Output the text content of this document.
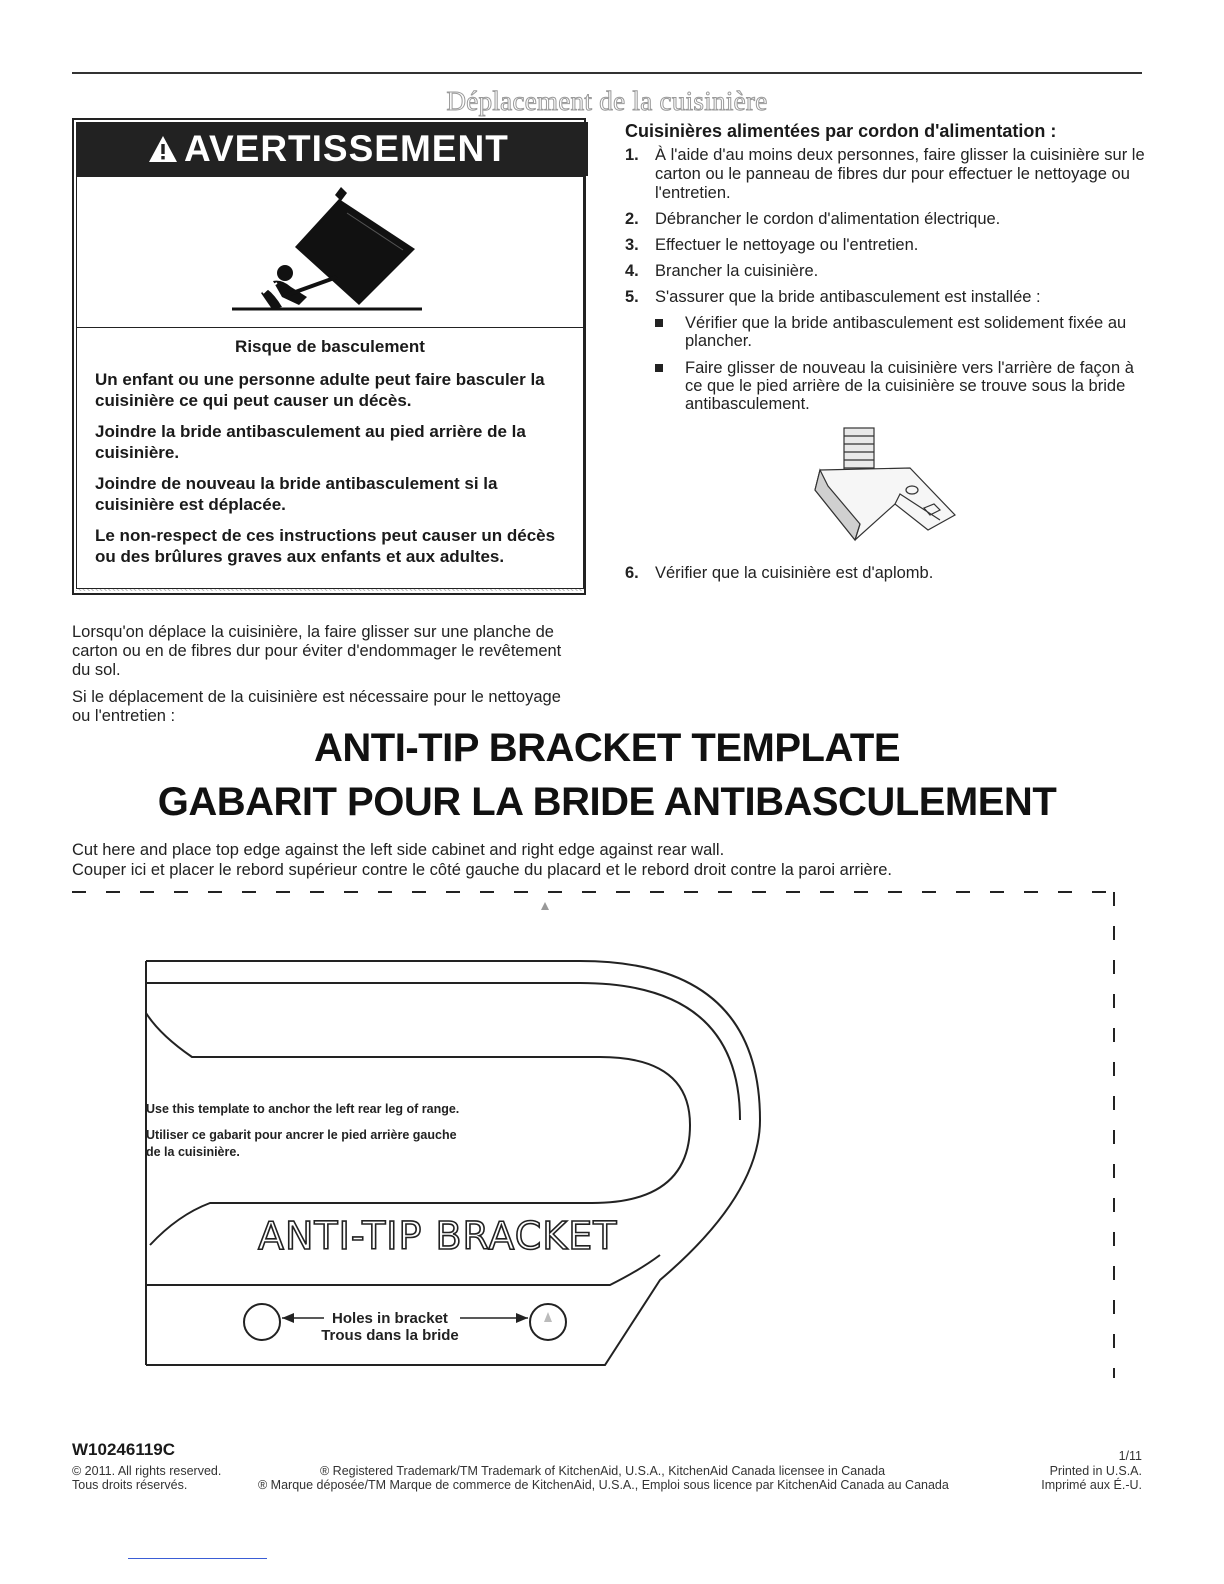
Déplacement de la cuisinière
AVERTISSEMENT
Risque de basculement
Un enfant ou une personne adulte peut faire basculer la cuisinière ce qui peut causer un décès.
Joindre la bride antibasculement au pied arrière de la cuisinière.
Joindre de nouveau la bride antibasculement si la cuisinière est déplacée.
Le non-respect de ces instructions peut causer un décès ou des brûlures graves aux enfants et aux adultes.
Lorsqu'on déplace la cuisinière, la faire glisser sur une planche de carton ou en de fibres dur pour éviter d'endommager le revêtement du sol.
Si le déplacement de la cuisinière est nécessaire pour le nettoyage ou l'entretien :
Cuisinières alimentées par cordon d'alimentation :
1. À l'aide d'au moins deux personnes, faire glisser la cuisinière sur le carton ou le panneau de fibres dur pour effectuer le nettoyage ou l'entretien.
2. Débrancher le cordon d'alimentation électrique.
3. Effectuer le nettoyage ou l'entretien.
4. Brancher la cuisinière.
5. S'assurer que la bride antibasculement est installée :
Vérifier que la bride antibasculement est solidement fixée au plancher.
Faire glisser de nouveau la cuisinière vers l'arrière de façon à ce que le pied arrière de la cuisinière se trouve sous la bride antibasculement.
6. Vérifier que la cuisinière est d'aplomb.
ANTI-TIP BRACKET TEMPLATE
GABARIT POUR LA BRIDE ANTIBASCULEMENT
Cut here and place top edge against the left side cabinet and right edge against rear wall.
Couper ici et placer le rebord supérieur contre le côté gauche du placard et le rebord droit contre la paroi arrière.
Use this template to anchor the left rear leg of range.
Utiliser ce gabarit pour ancrer le pied arrière gauche
de la cuisinière.
ANTI-TIP BRACKET
Holes in bracket
Trous dans la bride
W10246119C	1/11
© 2011. All rights reserved.
Tous droits réservés.
® Registered Trademark/TM Trademark of KitchenAid, U.S.A., KitchenAid Canada licensee in Canada
® Marque déposée/TM Marque de commerce de KitchenAid, U.S.A., Emploi sous licence par KitchenAid Canada au Canada
Printed in U.S.A.
Imprimé aux É.-U.
